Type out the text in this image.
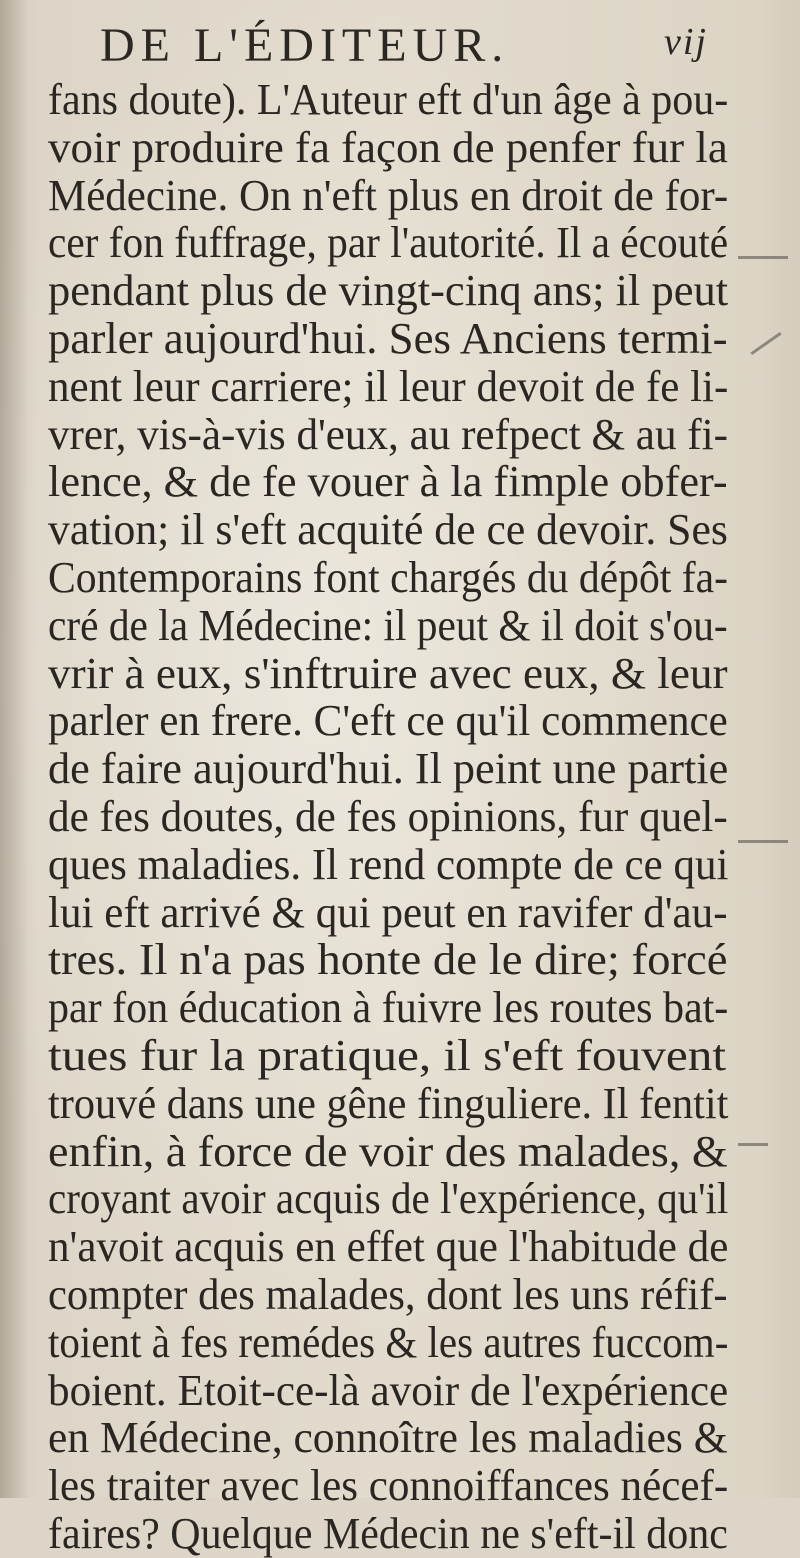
DE L'ÉDITEUR.	vij
fans doute). L'Auteur eft d'un âge à pou-
voir produire fa façon de penfer fur la
Médecine. On n'eft plus en droit de for-
cer fon fuffrage, par l'autorité. Il a écouté
pendant plus de vingt-cinq ans; il peut
parler aujourd'hui. Ses Anciens termi-
nent leur carriere; il leur devoit de fe li-
vrer, vis-à-vis d'eux, au refpect & au fi-
lence, & de fe vouer à la fimple obfer-
vation; il s'eft acquité de ce devoir. Ses
Contemporains font chargés du dépôt fa-
cré de la Médecine: il peut & il doit s'ou-
vrir à eux, s'inftruire avec eux, & leur
parler en frere. C'eft ce qu'il commence
de faire aujourd'hui. Il peint une partie
de fes doutes, de fes opinions, fur quel-
ques maladies. Il rend compte de ce qui
lui eft arrivé & qui peut en ravifer d'au-
tres. Il n'a pas honte de le dire; forcé
par fon éducation à fuivre les routes bat-
tues fur la pratique, il s'eft fouvent
trouvé dans une gêne finguliere. Il fentit
enfin, à force de voir des malades, &
croyant avoir acquis de l'expérience, qu'il
n'avoit acquis en effet que l'habitude de
compter des malades, dont les uns réfif-
toient à fes remédes & les autres fuccom-
boient. Etoit-ce-là avoir de l'expérience
en Médecine, connoître les maladies &
les traiter avec les connoiffances nécef-
faires? Quelque Médecin ne s'eft-il donc
